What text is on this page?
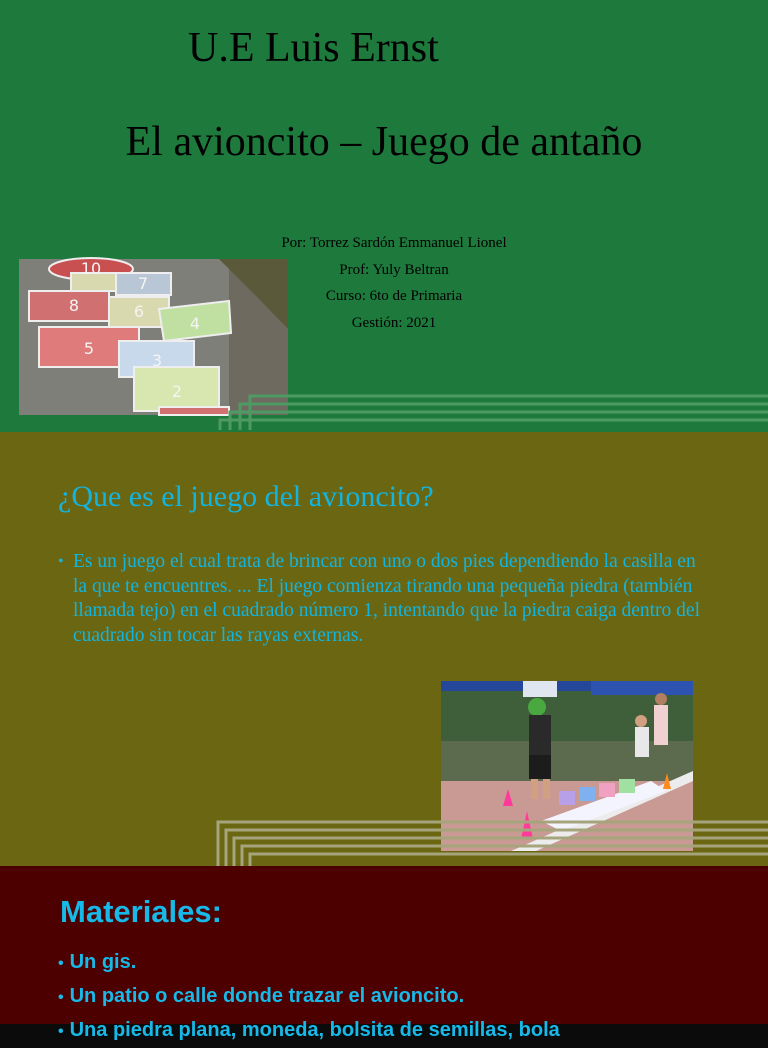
U.E Luis Ernst
El avioncito – Juego de antaño
Por: Torrez Sardón Emmanuel Lionel
Prof: Yuly Beltran
Curso: 6to de Primaria
Gestión: 2021
10
8
7
6
5
4
3
2
¿Que es el juego del avioncito?
• Es un juego el cual trata de brincar con uno o dos pies dependiendo la casilla en la que te encuentres. ... El juego comienza tirando una pequeña piedra (también llamada tejo) en el cuadrado número 1, intentando que la piedra caiga dentro del cuadrado sin tocar las rayas externas.
Materiales:
• Un gis.
• Un patio o calle donde trazar el avioncito.
• Una piedra plana, moneda, bolsita de semillas, bola
